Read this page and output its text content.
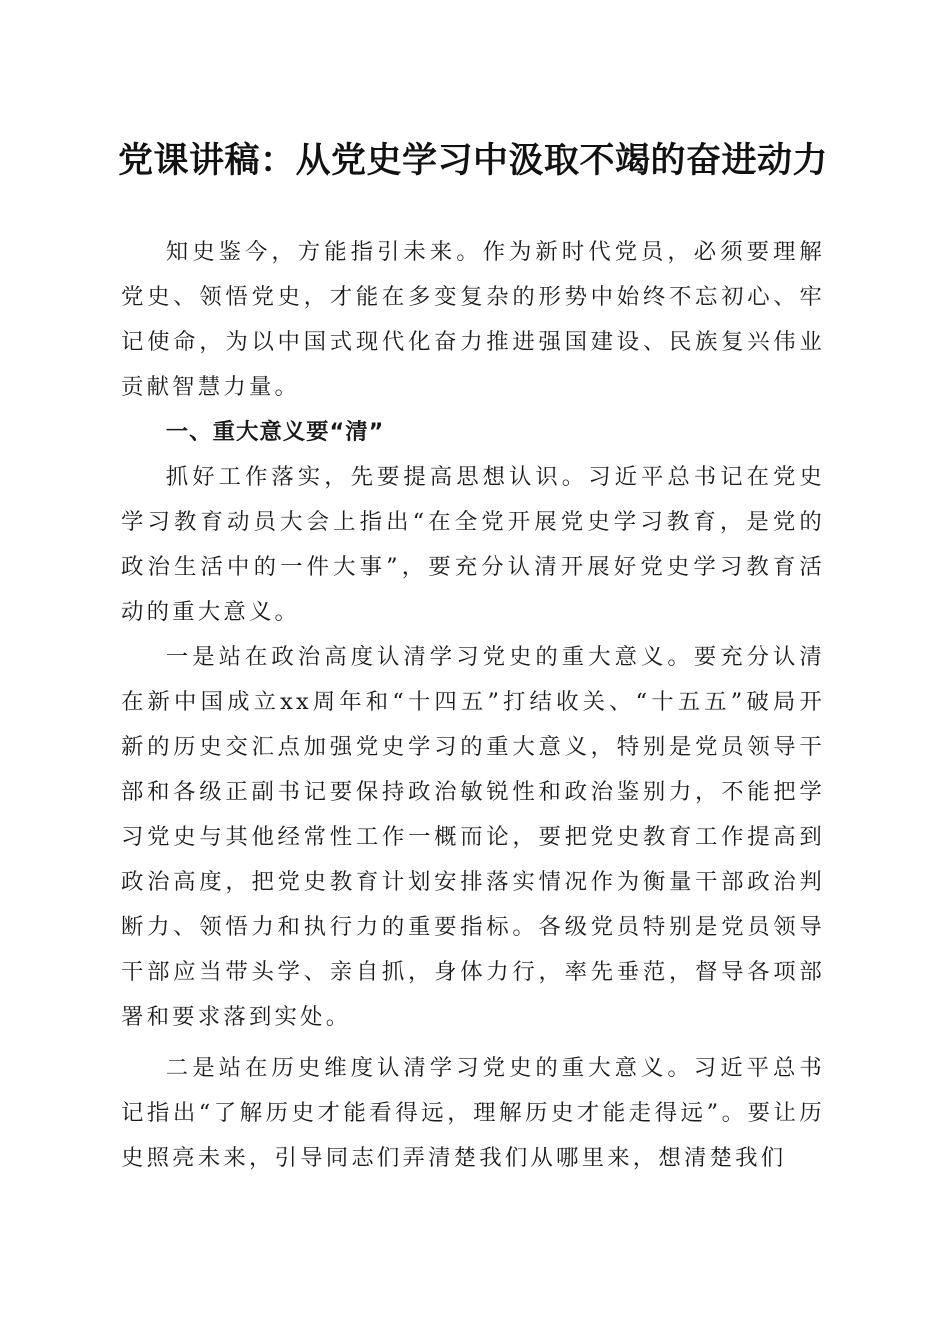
党课讲稿：从党史学习中汲取不竭的奋进动力

知史鉴今，方能指引未来。作为新时代党员，必须要理解党史、领悟党史，才能在多变复杂的形势中始终不忘初心、牢记使命，为以中国式现代化奋力推进强国建设、民族复兴伟业贡献智慧力量。

一、重大意义要“清”

抓好工作落实，先要提高思想认识。习近平总书记在党史学习教育动员大会上指出“在全党开展党史学习教育，是党的政治生活中的一件大事”，要充分认清开展好党史学习教育活动的重大意义。

一是站在政治高度认清学习党史的重大意义。要充分认清在新中国成立xx周年和“十四五”打结收关、“十五五”破局开新的历史交汇点加强党史学习的重大意义，特别是党员领导干部和各级正副书记要保持政治敏锐性和政治鉴别力，不能把学习党史与其他经常性工作一概而论，要把党史教育工作提高到政治高度，把党史教育计划安排落实情况作为衡量干部政治判断力、领悟力和执行力的重要指标。各级党员特别是党员领导干部应当带头学、亲自抓，身体力行，率先垂范，督导各项部署和要求落到实处。

二是站在历史维度认清学习党史的重大意义。习近平总书记指出“了解历史才能看得远，理解历史才能走得远”。要让历史照亮未来，引导同志们弄清楚我们从哪里来，想清楚我们
